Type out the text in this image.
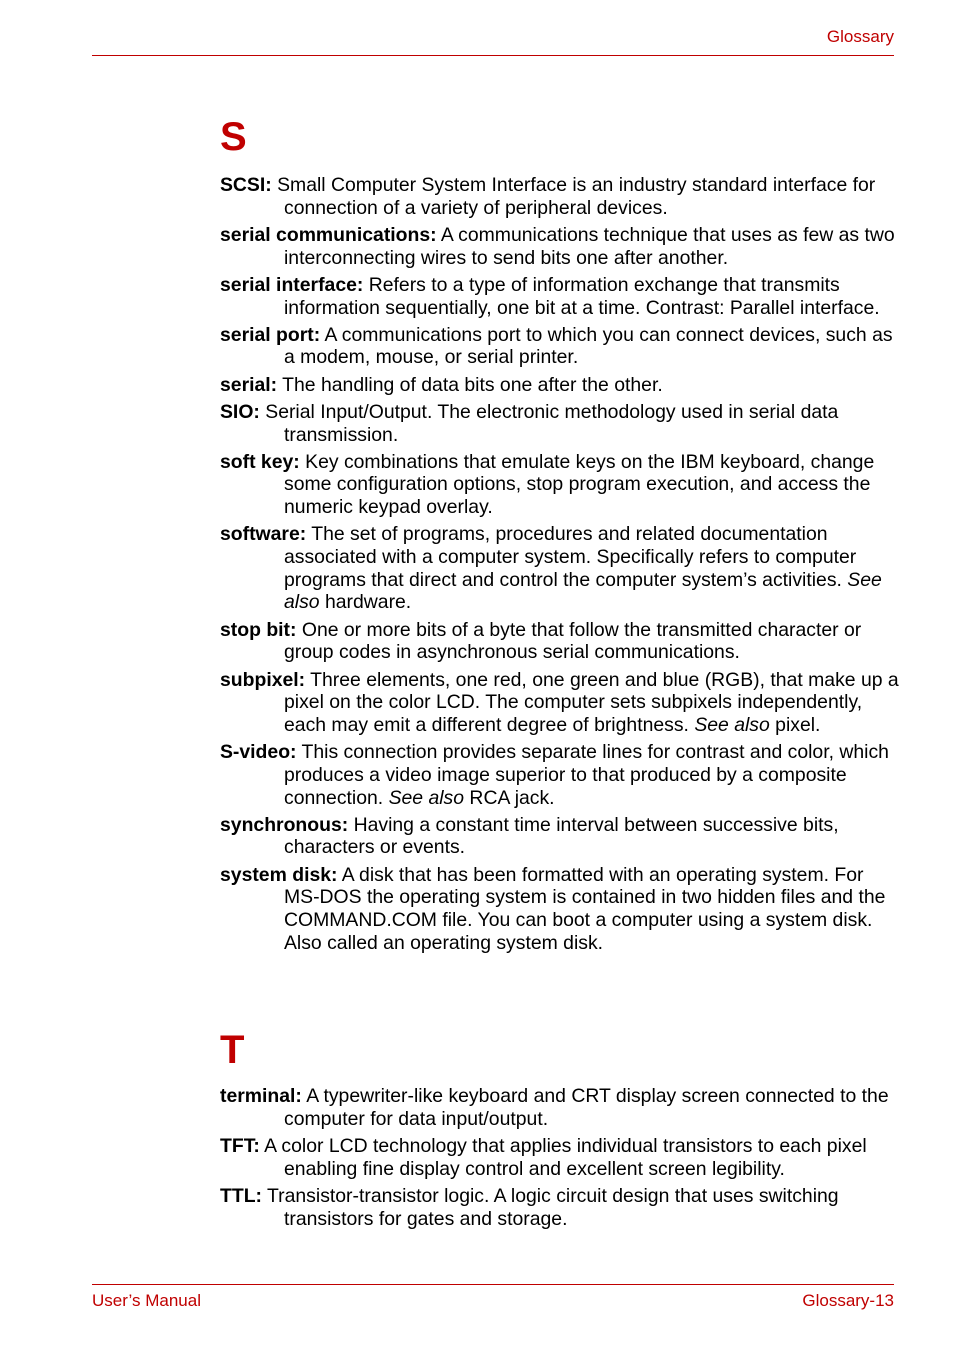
Glossary
S
SCSI: Small Computer System Interface is an industry standard interface for connection of a variety of peripheral devices.
serial communications: A communications technique that uses as few as two interconnecting wires to send bits one after another.
serial interface: Refers to a type of information exchange that transmits information sequentially, one bit at a time. Contrast: Parallel interface.
serial port: A communications port to which you can connect devices, such as a modem, mouse, or serial printer.
serial: The handling of data bits one after the other.
SIO: Serial Input/Output. The electronic methodology used in serial data transmission.
soft key: Key combinations that emulate keys on the IBM keyboard, change some configuration options, stop program execution, and access the numeric keypad overlay.
software: The set of programs, procedures and related documentation associated with a computer system. Specifically refers to computer programs that direct and control the computer system’s activities. See also hardware.
stop bit: One or more bits of a byte that follow the transmitted character or group codes in asynchronous serial communications.
subpixel: Three elements, one red, one green and blue (RGB), that make up a pixel on the color LCD. The computer sets subpixels independently, each may emit a different degree of brightness. See also pixel.
S-video: This connection provides separate lines for contrast and color, which produces a video image superior to that produced by a composite connection. See also RCA jack.
synchronous: Having a constant time interval between successive bits, characters or events.
system disk: A disk that has been formatted with an operating system. For MS-DOS the operating system is contained in two hidden files and the COMMAND.COM file. You can boot a computer using a system disk. Also called an operating system disk.
T
terminal: A typewriter-like keyboard and CRT display screen connected to the computer for data input/output.
TFT: A color LCD technology that applies individual transistors to each pixel enabling fine display control and excellent screen legibility.
TTL: Transistor-transistor logic. A logic circuit design that uses switching transistors for gates and storage.
User’s Manual	Glossary-13
